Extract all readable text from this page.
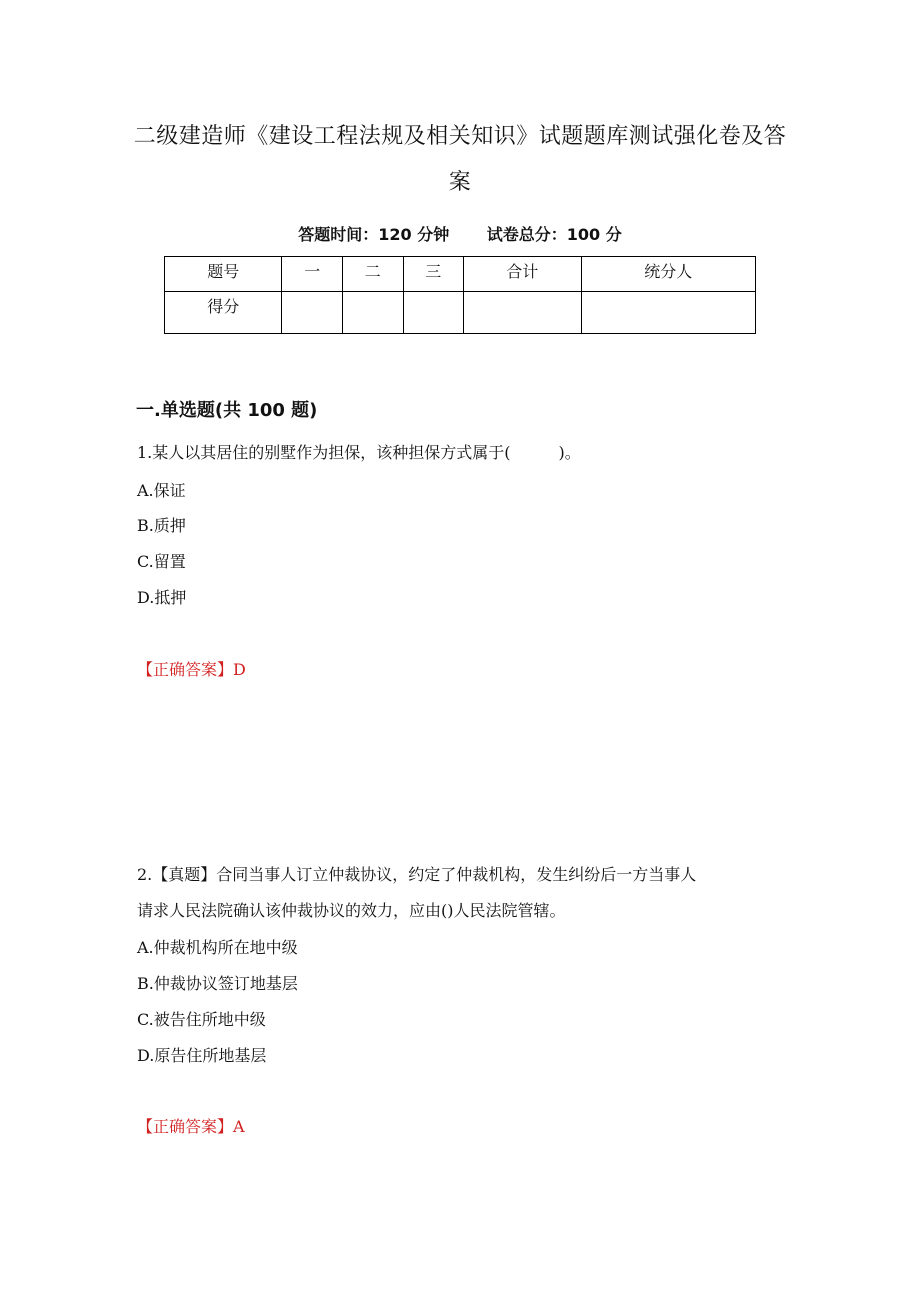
二级建造师《建设工程法规及相关知识》试题题库测试强化卷及答
案
答题时间：120 分钟 试卷总分：100 分
题号	一	二	三	合计	统分人
得分					
一.单选题(共 100 题)
1.某人以其居住的别墅作为担保，该种担保方式属于(　　　)。
A.保证
B.质押
C.留置
D.抵押
【正确答案】D
2.【真题】合同当事人订立仲裁协议，约定了仲裁机构，发生纠纷后一方当事人
请求人民法院确认该仲裁协议的效力，应由()人民法院管辖。
A.仲裁机构所在地中级
B.仲裁协议签订地基层
C.被告住所地中级
D.原告住所地基层
【正确答案】A
